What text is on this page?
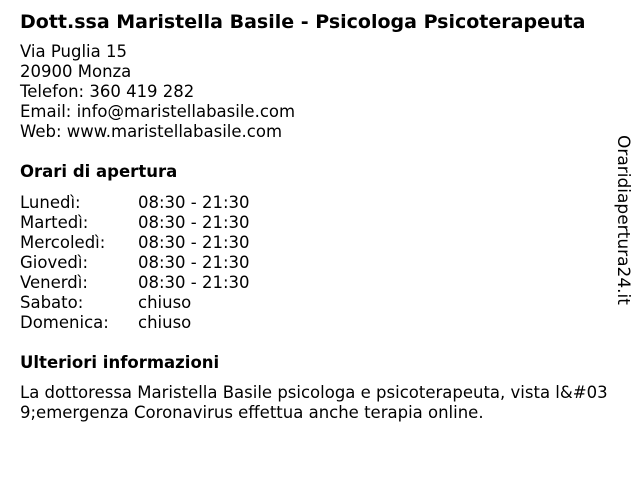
Dott.ssa Maristella Basile - Psicologa Psicoterapeuta
Via Puglia 15
20900 Monza
Telefon: 360 419 282
Email: info@maristellabasile.com
Web: www.maristellabasile.com
Orari di apertura
Lunedì:	08:30 - 21:30
Martedì:	08:30 - 21:30
Mercoledì:	08:30 - 21:30
Giovedì:	08:30 - 21:30
Venerdì:	08:30 - 21:30
Sabato:	chiuso
Domenica:	chiuso
Ulteriori informazioni
La dottoressa Maristella Basile psicologa e psicoterapeuta, vista l&#039;emergenza Coronavirus effettua anche terapia online.
Oraridiapertura24.it
